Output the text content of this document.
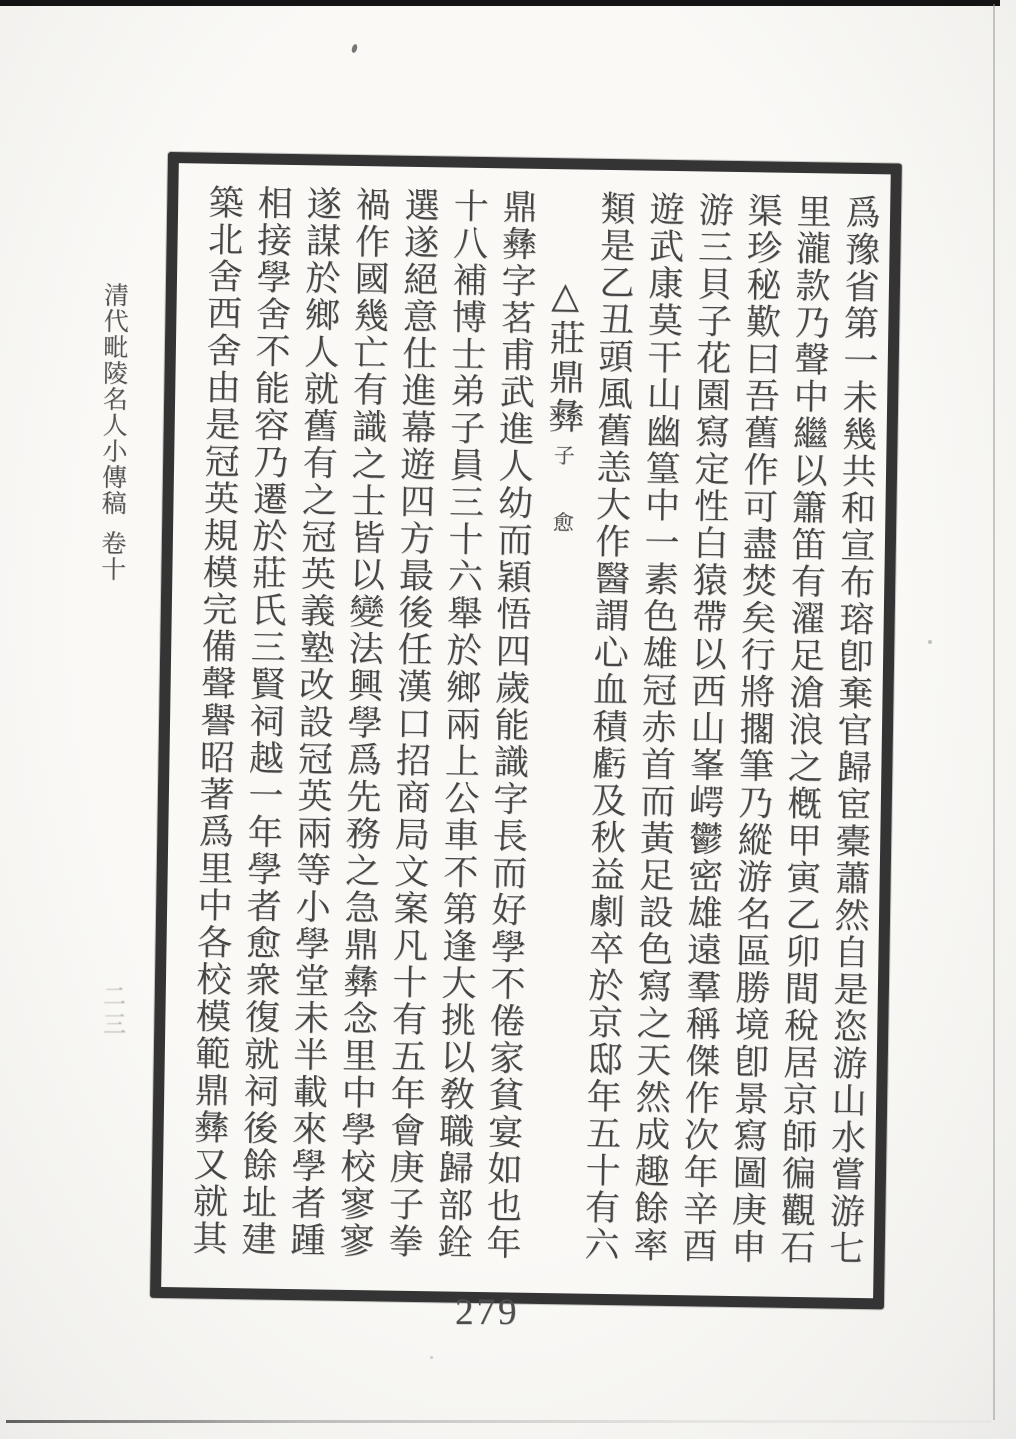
清代毗陵名人小傳稿卷十
二三	爲豫省第一未幾共和宣布瑢卽棄官歸宦橐蕭然自是恣游山水嘗游七
里瀧款乃聲中繼以簫笛有濯足滄浪之槪甲寅乙卯間稅居京師徧觀石
渠珍秘歎曰吾舊作可盡焚矣行將擱筆乃縱游名區勝境卽景寫圖庚申
游三貝子花園寫定性白猿帶以西山峯崿鬱密雄遠羣稱傑作次年辛酉
遊武康莫干山幽篁中一素色雄冠赤首而黃足設色寫之天然成趣餘率
類是乙丑頭風舊恙大作醫謂心血積虧及秋益劇卒於京邸年五十有六
△莊鼎彝子愈
鼎彝字茗甫武進人幼而穎悟四歲能識字長而好學不倦家貧宴如也年
十八補博士弟子員三十六舉於鄉兩上公車不第逢大挑以敎職歸部銓
選遂絕意仕進幕遊四方最後任漢口招商局文案凡十有五年會庚子拳
禍作國幾亡有識之士皆以變法興學爲先務之急鼎彝念里中學校寥寥
遂謀於鄉人就舊有之冠英義塾改設冠英兩等小學堂未半載來學者踵
相接學舍不能容乃遷於莊氏三賢祠越一年學者愈衆復就祠後餘址建
築北舍西舍由是冠英規模完備聲譽昭著爲里中各校模範鼎彝又就其
279
